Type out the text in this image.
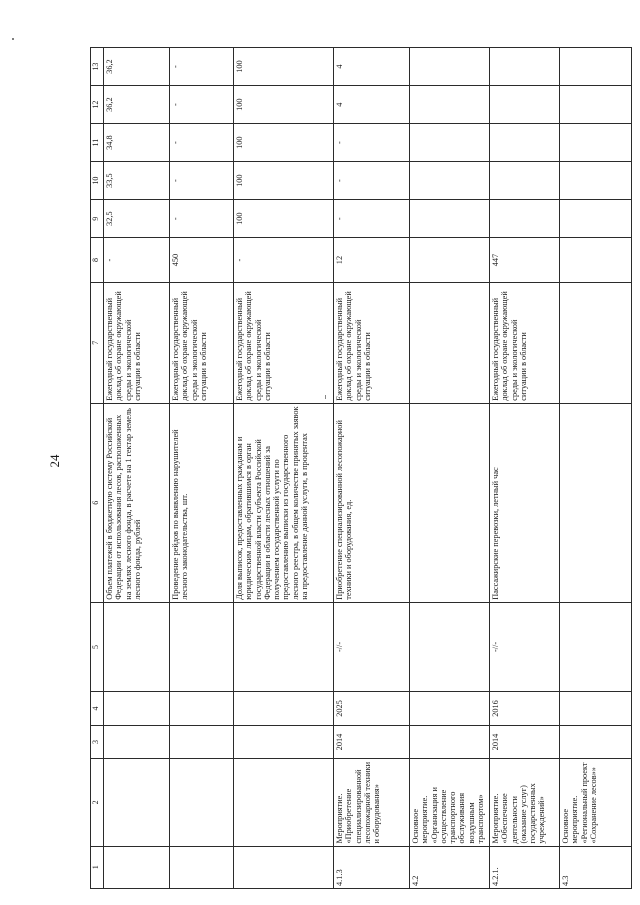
24
1	2	3	4	5	6	7	8	9	10	11	12	13
					Объем платежей в бюджетную систему Российской Федерации от использования лесов, расположенных на землях лесного фонда, в расчете на 1 гектар земель лесного фонда, рублей	Ежегодный государственный доклад об охране окружающей среды и экологической ситуации в области	-	32,5	33,5	34,8	36,2	36,2
					Проведение рейдов по выявлению нарушителей лесного законодательства, шт.	Ежегодный государственный доклад об охране окружающей среды и экологической ситуации в области	450	-	-	-	-	-
					Доля выписок, предоставленных гражданам и юридическим лицам, обратившимся в орган государственной власти субъекта Российской Федерации в области лесных отношений за получением государственной услуги по предоставлению выписки из государственного лесного реестра, в общем количестве принятых заявок на предоставление данной услуги, в процентах	Ежегодный государственный доклад об охране окружающей среды и экологической ситуации в области	-	100	100	100	100	100
4.1.3	Мероприятие. «Приобретение специализированной лесопожарной техники и оборудования»	2014	2025	-//-	Приобретение специализированной лесопожарной техники и оборудования, ед.	Ежегодный государственный доклад об охране окружающей среды и экологической ситуации в области	12	-	-	-	4	4
4.2	Основное мероприятие. «Организация и осуществление транспортного обслуживания воздушным транспортом»											
4.2.1.	Мероприятие. «Обеспечение деятельности (оказание услуг) государственных учреждений»	2014	2016	-//-	Пассажирские перевозки, летный час	Ежегодный государственный доклад об охране окружающей среды и экологической ситуации в области	447					
4.3	Основное мероприятие. «Региональный проект «Сохранение лесов»»											
